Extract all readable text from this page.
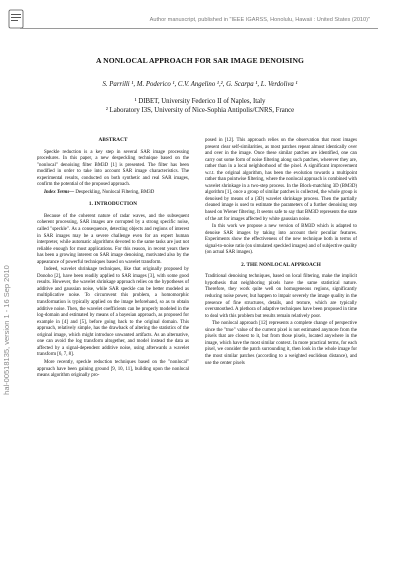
Author manuscript, published in "IEEE IGARSS, Honolulu, Hawaii : United States (2010)"
hal-00518135, version 1 - 16 Sep 2010
A NONLOCAL APPROACH FOR SAR IMAGE DENOISING
S. Parrilli ¹, M. Poderico ¹, C.V. Angelino ¹,², G. Scarpa ¹, L. Verdoliva ¹
¹ DIBET, University Federico II of Naples, Italy
² Laboratory I3S, University of Nice-Sophia Antipolis/CNRS, France
ABSTRACT

Speckle reduction is a key step in several SAR image processing procedures. In this paper, a new despeckling technique based on the "nonlocal" denoising filter BM3D [1] is presented. The filter has been modified in order to take into account SAR image characteristics. The experimental results, conducted on both synthetic and real SAR images, confirm the potential of the proposed approach.

Index Terms— Despeckling, Nonlocal Filtering, BM3D

1. INTRODUCTION

Because of the coherent nature of radar waves, and the subsequent coherent processing, SAR images are corrupted by a strong specific noise, called "speckle". As a consequence, detecting objects and regions of interest in SAR images may be a severe challenge even for an expert human interpreter, while automatic algorithms devoted to the same tasks are just not reliable enough for most applications. For this reason, in recent years there has been a growing interest on SAR image denoising, motivated also by the appearance of powerful techniques based on wavelet transform.

Indeed, wavelet shrinkage techniques, like that originally proposed by Donoho [2], have been readily applied to SAR images [3], with some good results. However, the wavelet shrinkage approach relies on the hypotheses of additive and gaussian noise, while SAR speckle can be better modeled as multiplicative noise. To circumvent this problem, a homomorphic transformation is typically applied on the image beforehand, so as to obtain additive noise. Then, the wavelet coefficients can be properly modeled in the log-domain and estimated by means of a bayesian approach, as proposed for example in [4] and [5], before going back to the original domain. This approach, relatively simple, has the drawback of altering the statistics of the original image, which might introduce unwanted artifacts. As an alternative, one can avoid the log transform altogether, and model instead the data as affected by a signal-dependent additive noise, using afterwards a wavelet transform [6, 7, 8].

More recently, speckle reduction techniques based on the "nonlocal" approach have been gaining ground [9, 10, 11], building upon the nonlocal means algorithm originally pro-

posed in [12]. This approach relies on the observation that most images present clear self-similarities, as most patches repeat almost identically over and over in the image. Once these similar patches are identified, one can carry out some form of noise filtering along such patches, wherever they are, rather than in a local neighborhood of the pixel. A significant improvement w.r.t. the original algorithm, has been the evolution towards a multipoint rather than pointwise filtering, where the nonlocal approach is combined with wavelet shrinkage in a two-step process. In the Block-matching 3D (BM3D) algorithm [1], once a group of similar patches is collected, the whole group is denoised by means of a (3D) wavelet shrinkage process. Then the partially cleaned image is used to estimate the parameters of a further denoising step based on Wiener filtering. It seems safe to say that BM3D represents the state of the art for images affected by white gaussian noise.

In this work we propose a new version of BM3D which is adapted to denoise SAR images by taking into account their peculiar features. Experiments show the effectiveness of the new technique both in terms of signal-to-noise ratio (on simulated speckled images) and of subjective quality (on actual SAR images).

2. THE NONLOCAL APPROACH

Traditional denoising techniques, based on local filtering, make the implicit hypothesis that neighboring pixels have the same statistical nature. Therefore, they work quite well on homogeneous regions, significantly reducing noise power, but happen to impair severely the image quality in the presence of fine structures, details, and texture, which are typically oversmoothed. A plethora of adaptive techniques have been proposed in time to deal with this problem but results remain relatively poor.

The nonlocal approach [12] represents a complete change of perspective since the "true" value of the current pixel is not estimated anymore from the pixels that are closest to it, but from those pixels, located anywhere in the image, which have the most similar context. In more practical terms, for each pixel, we consider the patch surrounding it, then look in the whole image for the most similar patches (according to a weighted euclidean distance), and use the center pixels
